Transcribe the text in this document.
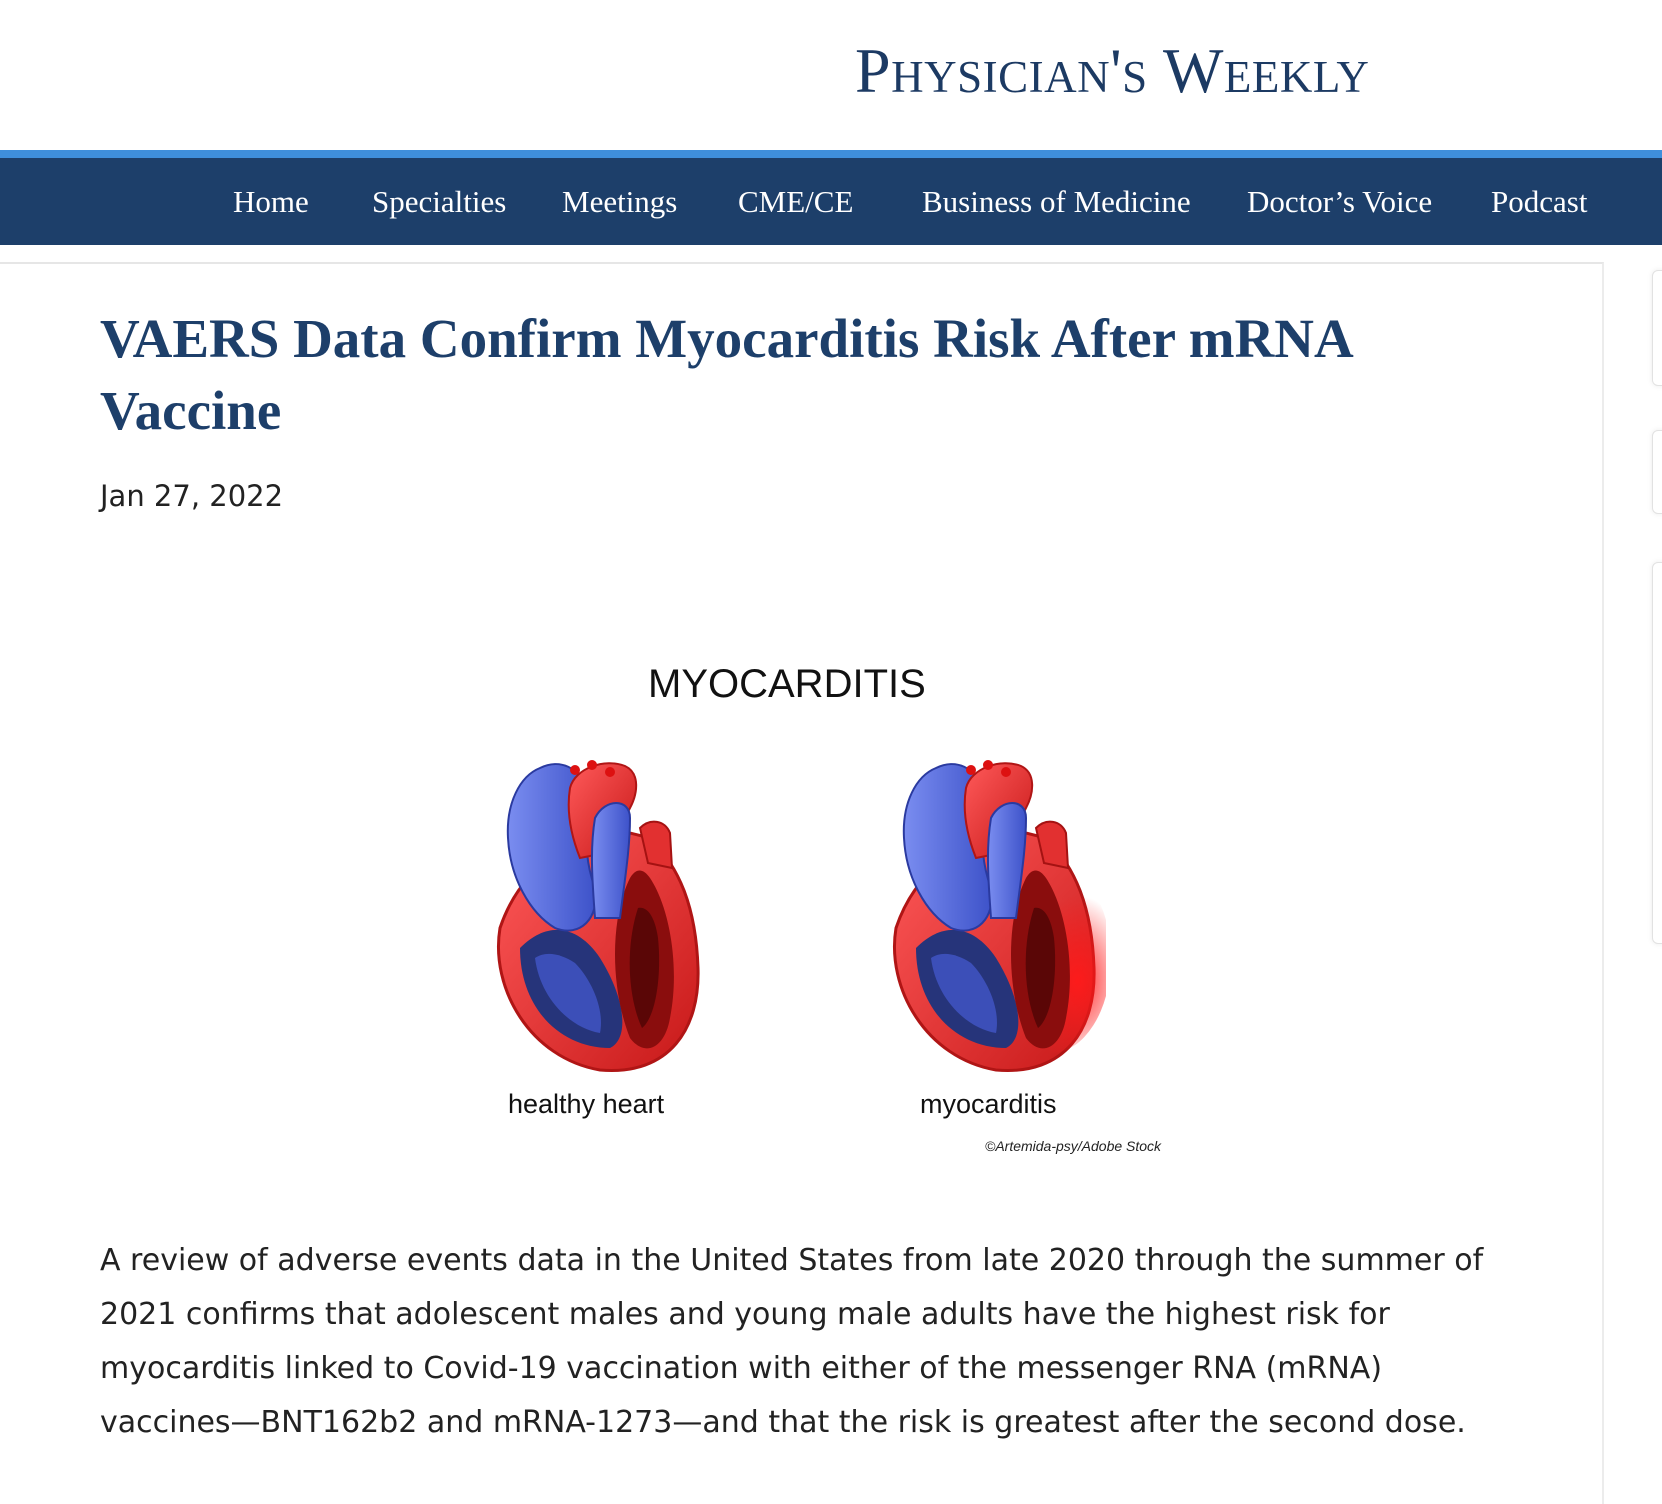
Physician's Weekly
Home Specialties Meetings CME/CE Business of Medicine Doctor’s Voice Podcast
VAERS Data Confirm Myocarditis Risk After mRNA Vaccine

Jan 27, 2022

MYOCARDITIS

healthy heart	myocarditis

©Artemida-psy/Adobe Stock

A review of adverse events data in the United States from late 2020 through the summer of 2021 confirms that adolescent males and young male adults have the highest risk for myocarditis linked to Covid-19 vaccination with either of the messenger RNA (mRNA) vaccines—BNT162b2 and mRNA-1273—and that the risk is greatest after the second dose.
